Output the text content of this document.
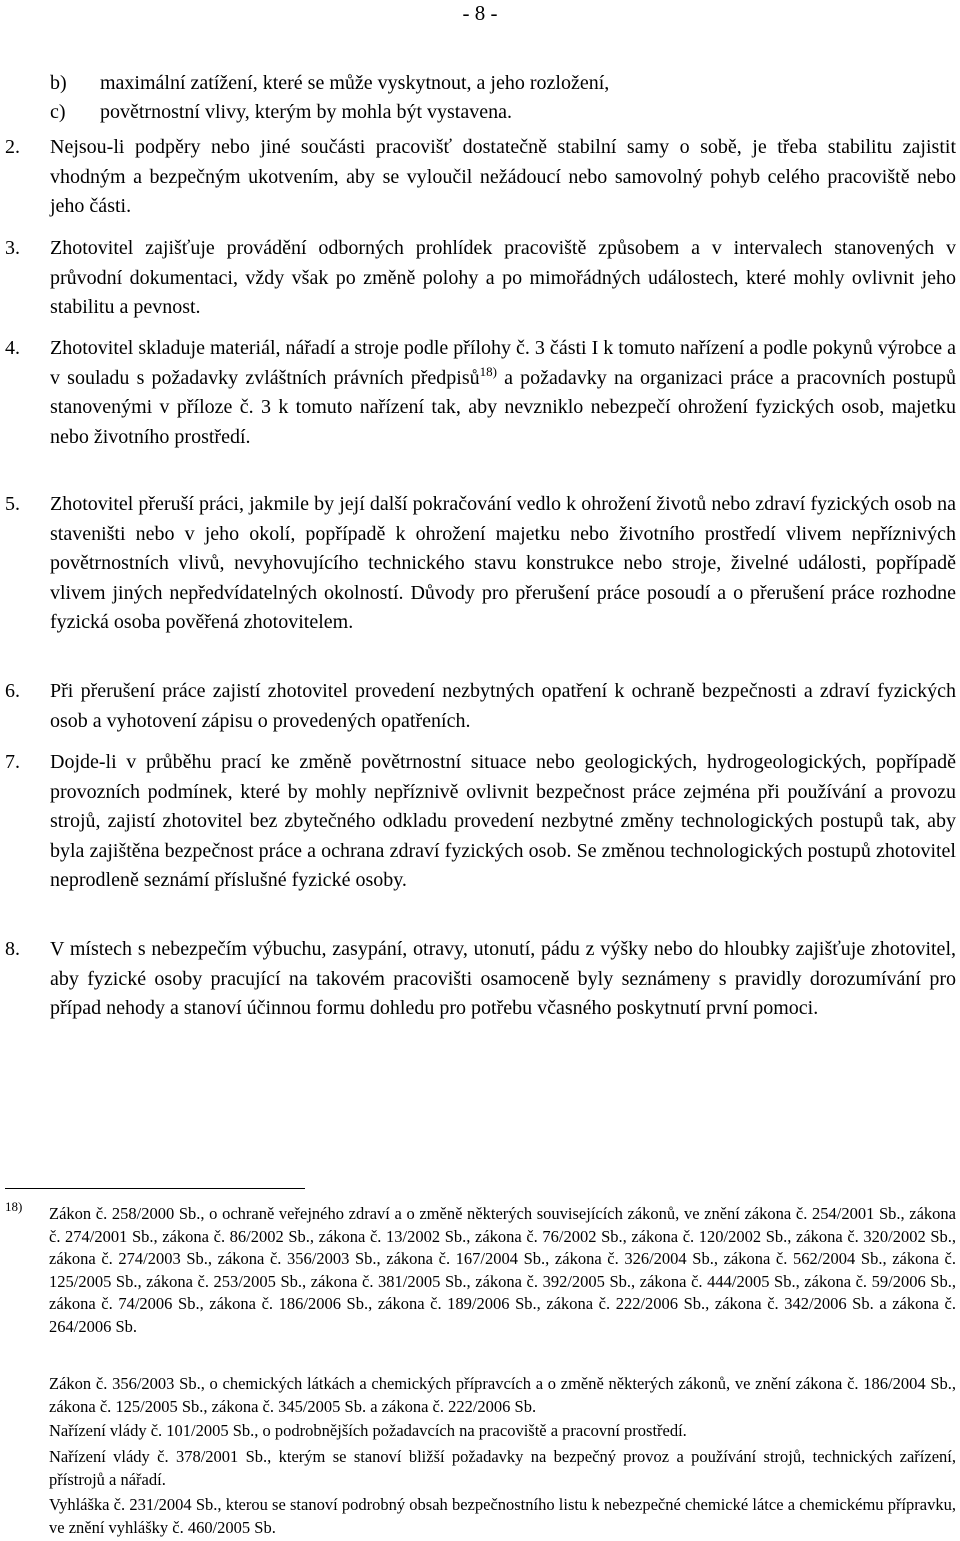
- 8 -
b) maximální zatížení, které se může vyskytnout, a jeho rozložení,
c) povětrnostní vlivy, kterým by mohla být vystavena.
2. Nejsou-li podpěry nebo jiné součásti pracovišť dostatečně stabilní samy o sobě, je třeba stabilitu zajistit vhodným a bezpečným ukotvením, aby se vyloučil nežádoucí nebo samovolný pohyb celého pracoviště nebo jeho části.
3. Zhotovitel zajišťuje provádění odborných prohlídek pracoviště způsobem a v intervalech stanovených v průvodní dokumentaci, vždy však po změně polohy a po mimořádných událostech, které mohly ovlivnit jeho stabilitu a pevnost.
4. Zhotovitel skladuje materiál, nářadí a stroje podle přílohy č. 3 části I k tomuto nařízení a podle pokynů výrobce a v souladu s požadavky zvláštních právních předpisů$^{18)}$ a požadavky na organizaci práce a pracovních postupů stanovenými v příloze č. 3 k tomuto nařízení tak, aby nevzniklo nebezpečí ohrožení fyzických osob, majetku nebo životního prostředí.
5. Zhotovitel přeruší práci, jakmile by její další pokračování vedlo k ohrožení životů nebo zdraví fyzických osob na staveništi nebo v jeho okolí, popřípadě k ohrožení majetku nebo životního prostředí vlivem nepříznivých povětrnostních vlivů, nevyhovujícího technického stavu konstrukce nebo stroje, živelné události, popřípadě vlivem jiných nepředvídatelných okolností. Důvody pro přerušení práce posoudí a o přerušení práce rozhodne fyzická osoba pověřená zhotovitelem.
6. Při přerušení práce zajistí zhotovitel provedení nezbytných opatření k ochraně bezpečnosti a zdraví fyzických osob a vyhotovení zápisu o provedených opatřeních.
7. Dojde-li v průběhu prací ke změně povětrnostní situace nebo geologických, hydrogeologických, popřípadě provozních podmínek, které by mohly nepříznivě ovlivnit bezpečnost práce zejména při používání a provozu strojů, zajistí zhotovitel bez zbytečného odkladu provedení nezbytné změny technologických postupů tak, aby byla zajištěna bezpečnost práce a ochrana zdraví fyzických osob. Se změnou technologických postupů zhotovitel neprodleně seznámí příslušné fyzické osoby.
8. V místech s nebezpečím výbuchu, zasypání, otravy, utonutí, pádu z výšky nebo do hloubky zajišťuje zhotovitel, aby fyzické osoby pracující na takovém pracovišti osamoceně byly seznámeny s pravidly dorozumívání pro případ nehody a stanoví účinnou formu dohledu pro potřebu včasného poskytnutí první pomoci.
18) Zákon č. 258/2000 Sb., o ochraně veřejného zdraví a o změně některých souvisejících zákonů, ve znění zákona č. 254/2001 Sb., zákona č. 274/2001 Sb., zákona č. 86/2002 Sb., zákona č. 13/2002 Sb., zákona č. 76/2002 Sb., zákona č. 120/2002 Sb., zákona č. 320/2002 Sb., zákona č. 274/2003 Sb., zákona č. 356/2003 Sb., zákona č. 167/2004 Sb., zákona č. 326/2004 Sb., zákona č. 562/2004 Sb., zákona č. 125/2005 Sb., zákona č. 253/2005 Sb., zákona č. 381/2005 Sb., zákona č. 392/2005 Sb., zákona č. 444/2005 Sb., zákona č. 59/2006 Sb., zákona č. 74/2006 Sb., zákona č. 186/2006 Sb., zákona č. 189/2006 Sb., zákona č. 222/2006 Sb., zákona č. 342/2006 Sb. a zákona č. 264/2006 Sb.
Zákon č. 356/2003 Sb., o chemických látkách a chemických přípravcích a o změně některých zákonů, ve znění zákona č. 186/2004 Sb., zákona č. 125/2005 Sb., zákona č. 345/2005 Sb. a zákona č. 222/2006 Sb.
Nařízení vlády č. 101/2005 Sb., o podrobnějších požadavcích na pracoviště a pracovní prostředí.
Nařízení vlády č. 378/2001 Sb., kterým se stanoví bližší požadavky na bezpečný provoz a používání strojů, technických zařízení, přístrojů a nářadí.
Vyhláška č. 231/2004 Sb., kterou se stanoví podrobný obsah bezpečnostního listu k nebezpečné chemické látce a chemickému přípravku, ve znění vyhlášky č. 460/2005 Sb.
